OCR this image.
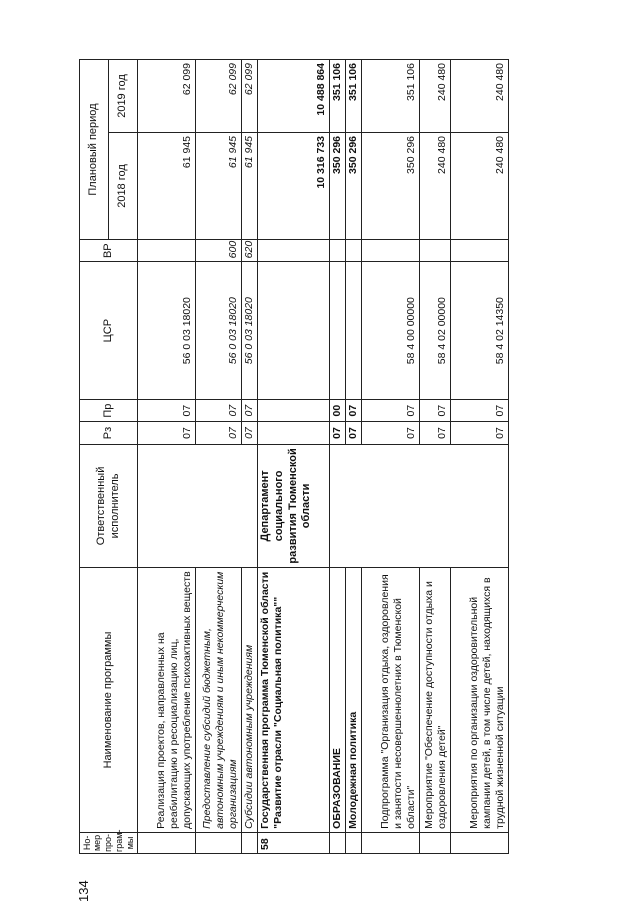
134
Но-мер про-грам-мы	Наименование программы	Ответственный исполнитель	Рз	Пр	ЦСР	ВР	Плановый период	
							2018 год	2019 год
	Реализация проектов, направленных на реабилитацию и ресоциализацию лиц, допускающих употребление психоактивных веществ		07	07	56 0 03 18020		61 945	62 099
	Предоставление субсидий бюджетным, автономным учреждениям и иным некоммерческим организациям		07	07	56 0 03 18020	600	61 945	62 099
	Субсидии автономным учреждениям		07	07	56 0 03 18020	620	61 945	62 099
58	Государственная программа Тюменской области "Развитие отрасли "Социальная политика""	Департамент социального развития Тюменской области					10 316 733	10 488 864
	ОБРАЗОВАНИЕ		07	00			350 296	351 106
	Молодежная политика		07	07			350 296	351 106
	Подпрограмма "Организация отдыха, оздоровления и занятости несовершеннолетних в Тюменской области"		07	07	58 4 00 00000		350 296	351 106
	Мероприятие "Обеспечение доступности отдыха и оздоровления детей"		07	07	58 4 02 00000		240 480	240 480
	Мероприятия по организации оздоровительной кампании детей, в том числе детей, находящихся в трудной жизненной ситуации		07	07	58 4 02 14350		240 480	240 480
